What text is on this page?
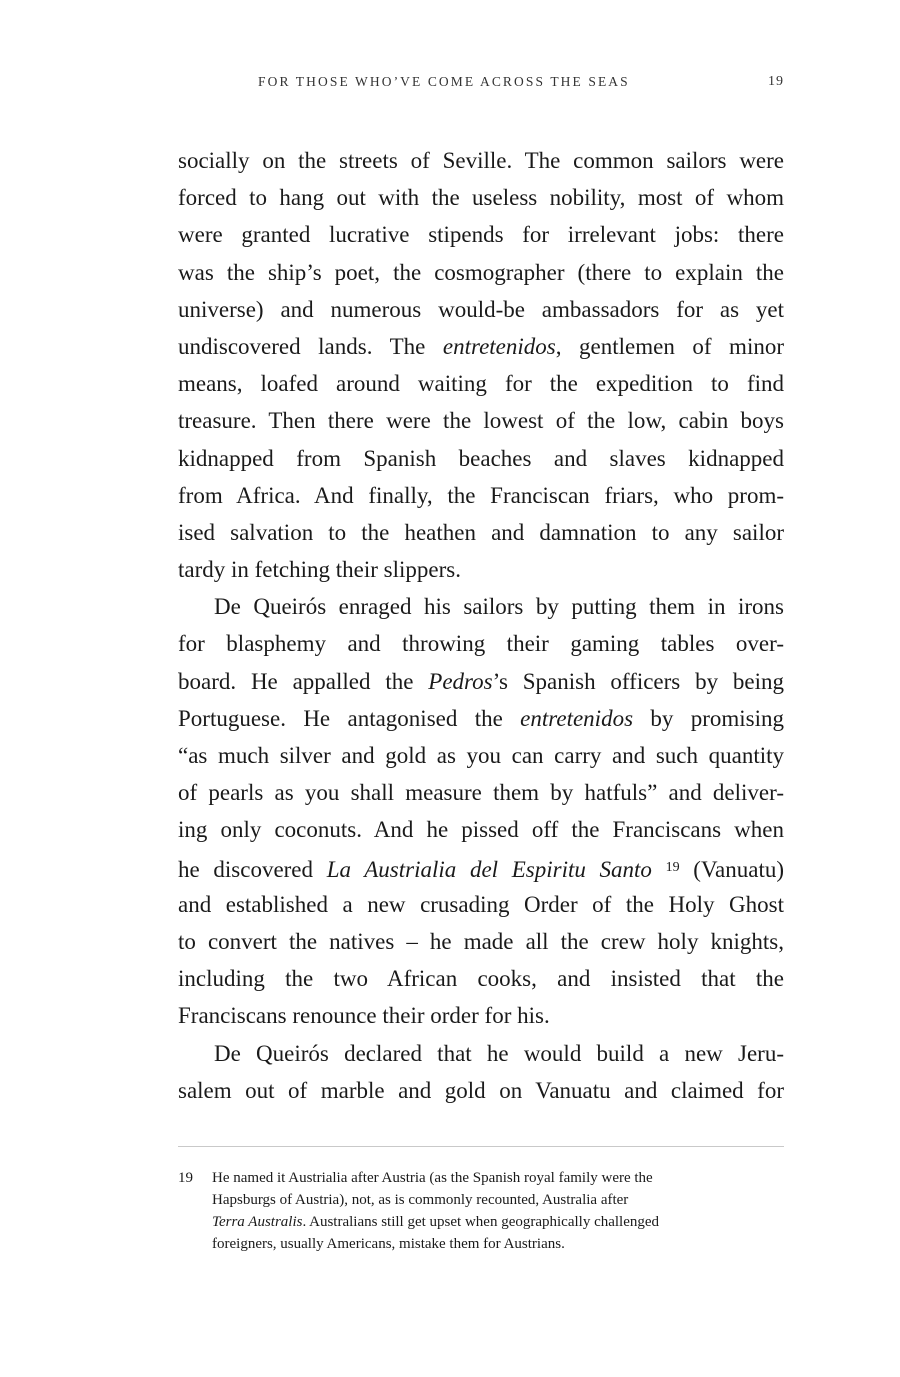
FOR THOSE WHO’VE COME ACROSS THE SEAS	19
socially on the streets of Seville. The common sailors were
forced to hang out with the useless nobility, most of whom
were granted lucrative stipends for irrelevant jobs: there
was the ship’s poet, the cosmographer (there to explain the
universe) and numerous would-be ambassadors for as yet
undiscovered lands. The entretenidos, gentlemen of minor
means, loafed around waiting for the expedition to find
treasure. Then there were the lowest of the low, cabin boys
kidnapped from Spanish beaches and slaves kidnapped
from Africa. And finally, the Franciscan friars, who prom-
ised salvation to the heathen and damnation to any sailor
tardy in fetching their slippers.
De Queirós enraged his sailors by putting them in irons
for blasphemy and throwing their gaming tables over-
board. He appalled the Pedros’s Spanish officers by being
Portuguese. He antagonised the entretenidos by promising
“as much silver and gold as you can carry and such quantity
of pearls as you shall measure them by hatfuls” and deliver-
ing only coconuts. And he pissed off the Franciscans when
he discovered La Austrialia del Espiritu Santo $^{19}$ (Vanuatu)
and established a new crusading Order of the Holy Ghost
to convert the natives – he made all the crew holy knights,
including the two African cooks, and insisted that the
Franciscans renounce their order for his.
De Queirós declared that he would build a new Jeru-
salem out of marble and gold on Vanuatu and claimed for
19 He named it Austrialia after Austria (as the Spanish royal family were the
Hapsburgs of Austria), not, as is commonly recounted, Australia after
Terra Australis. Australians still get upset when geographically challenged
foreigners, usually Americans, mistake them for Austrians.
